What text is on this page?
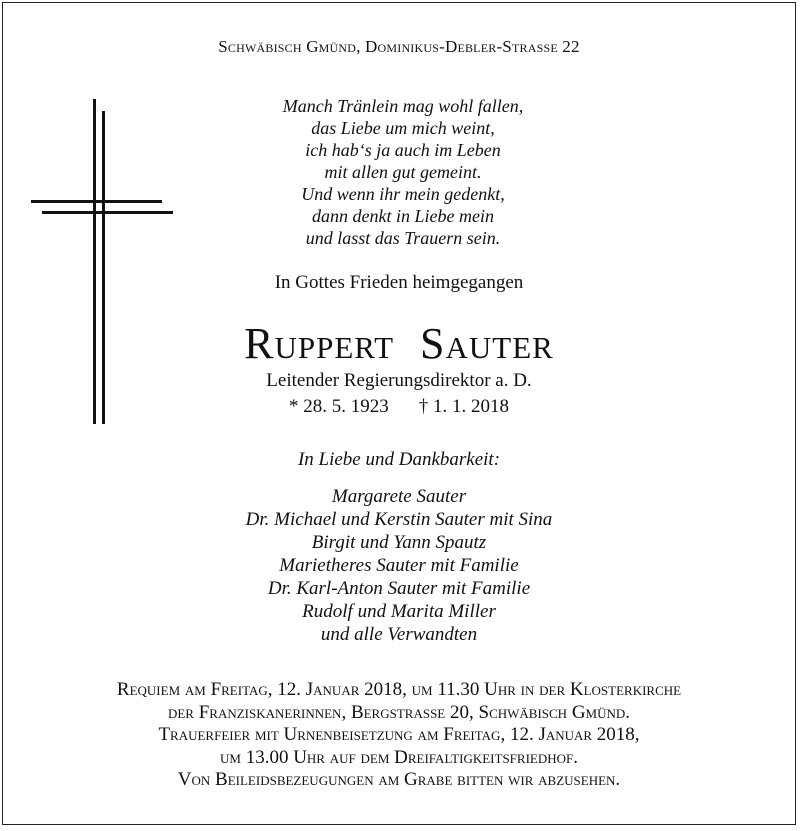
Schwäbisch Gmünd, Dominikus-Debler-Strasse 22
Manch Tränlein mag wohl fallen,
das Liebe um mich weint,
ich hab‘s ja auch im Leben
mit allen gut gemeint.
Und wenn ihr mein gedenkt,
dann denkt in Liebe mein
und lasst das Trauern sein.
In Gottes Frieden heimgegangen
Ruppert Sauter
Leitender Regierungsdirektor a. D.
* 28. 5. 1923 † 1. 1. 2018
In Liebe und Dankbarkeit:
Margarete Sauter
Dr. Michael und Kerstin Sauter mit Sina
Birgit und Yann Spautz
Marietheres Sauter mit Familie
Dr. Karl-Anton Sauter mit Familie
Rudolf und Marita Miller
und alle Verwandten
Requiem am Freitag, 12. Januar 2018, um 11.30 Uhr in der Klosterkirche
der Franziskanerinnen, Bergstrasse 20, Schwäbisch Gmünd.
Trauerfeier mit Urnenbeisetzung am Freitag, 12. Januar 2018,
um 13.00 Uhr auf dem Dreifaltigkeitsfriedhof.
Von Beileidsbezeugungen am Grabe bitten wir abzusehen.
